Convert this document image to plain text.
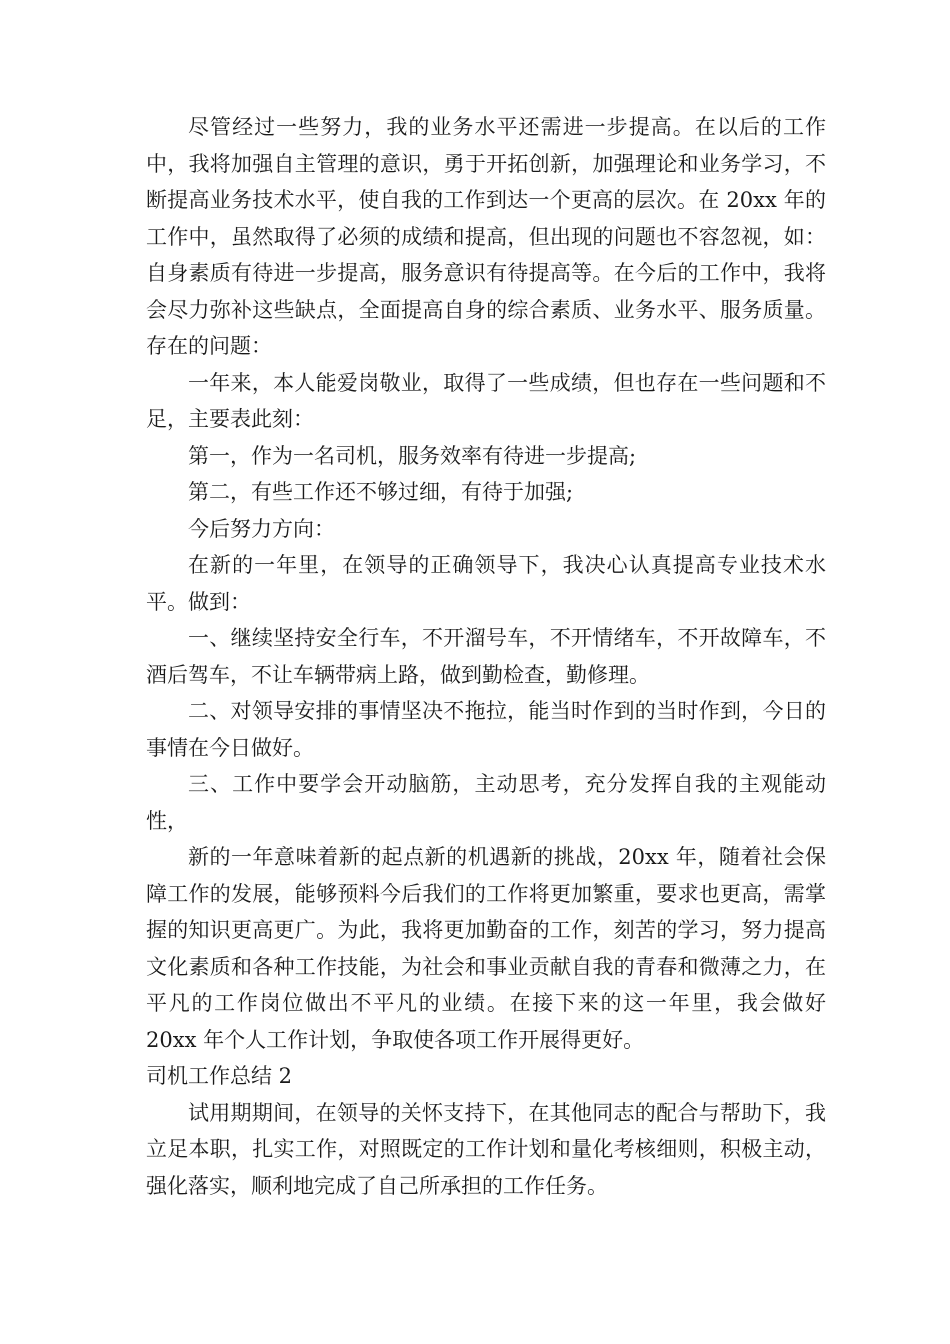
尽管经过一些努力，我的业务水平还需进一步提高。在以后的工作中，我将加强自主管理的意识，勇于开拓创新，加强理论和业务学习，不断提高业务技术水平，使自我的工作到达一个更高的层次。在 20xx 年的工作中，虽然取得了必须的成绩和提高，但出现的问题也不容忽视，如：自身素质有待进一步提高，服务意识有待提高等。在今后的工作中，我将会尽力弥补这些缺点，全面提高自身的综合素质、业务水平、服务质量。存在的问题：

一年来，本人能爱岗敬业，取得了一些成绩，但也存在一些问题和不足，主要表此刻：

第一，作为一名司机，服务效率有待进一步提高;

第二，有些工作还不够过细，有待于加强;

今后努力方向：

在新的一年里，在领导的正确领导下，我决心认真提高专业技术水平。做到：

一、继续坚持安全行车，不开溜号车，不开情绪车，不开故障车，不酒后驾车，不让车辆带病上路，做到勤检查，勤修理。

二、对领导安排的事情坚决不拖拉，能当时作到的当时作到，今日的事情在今日做好。

三、工作中要学会开动脑筋，主动思考，充分发挥自我的主观能动性，

新的一年意味着新的起点新的机遇新的挑战，20xx 年，随着社会保障工作的发展，能够预料今后我们的工作将更加繁重，要求也更高，需掌握的知识更高更广。为此，我将更加勤奋的工作，刻苦的学习，努力提高文化素质和各种工作技能，为社会和事业贡献自我的青春和微薄之力，在平凡的工作岗位做出不平凡的业绩。在接下来的这一年里，我会做好 20xx 年个人工作计划，争取使各项工作开展得更好。

司机工作总结 2

试用期期间，在领导的关怀支持下，在其他同志的配合与帮助下，我立足本职，扎实工作，对照既定的工作计划和量化考核细则，积极主动，强化落实，顺利地完成了自己所承担的工作任务。
